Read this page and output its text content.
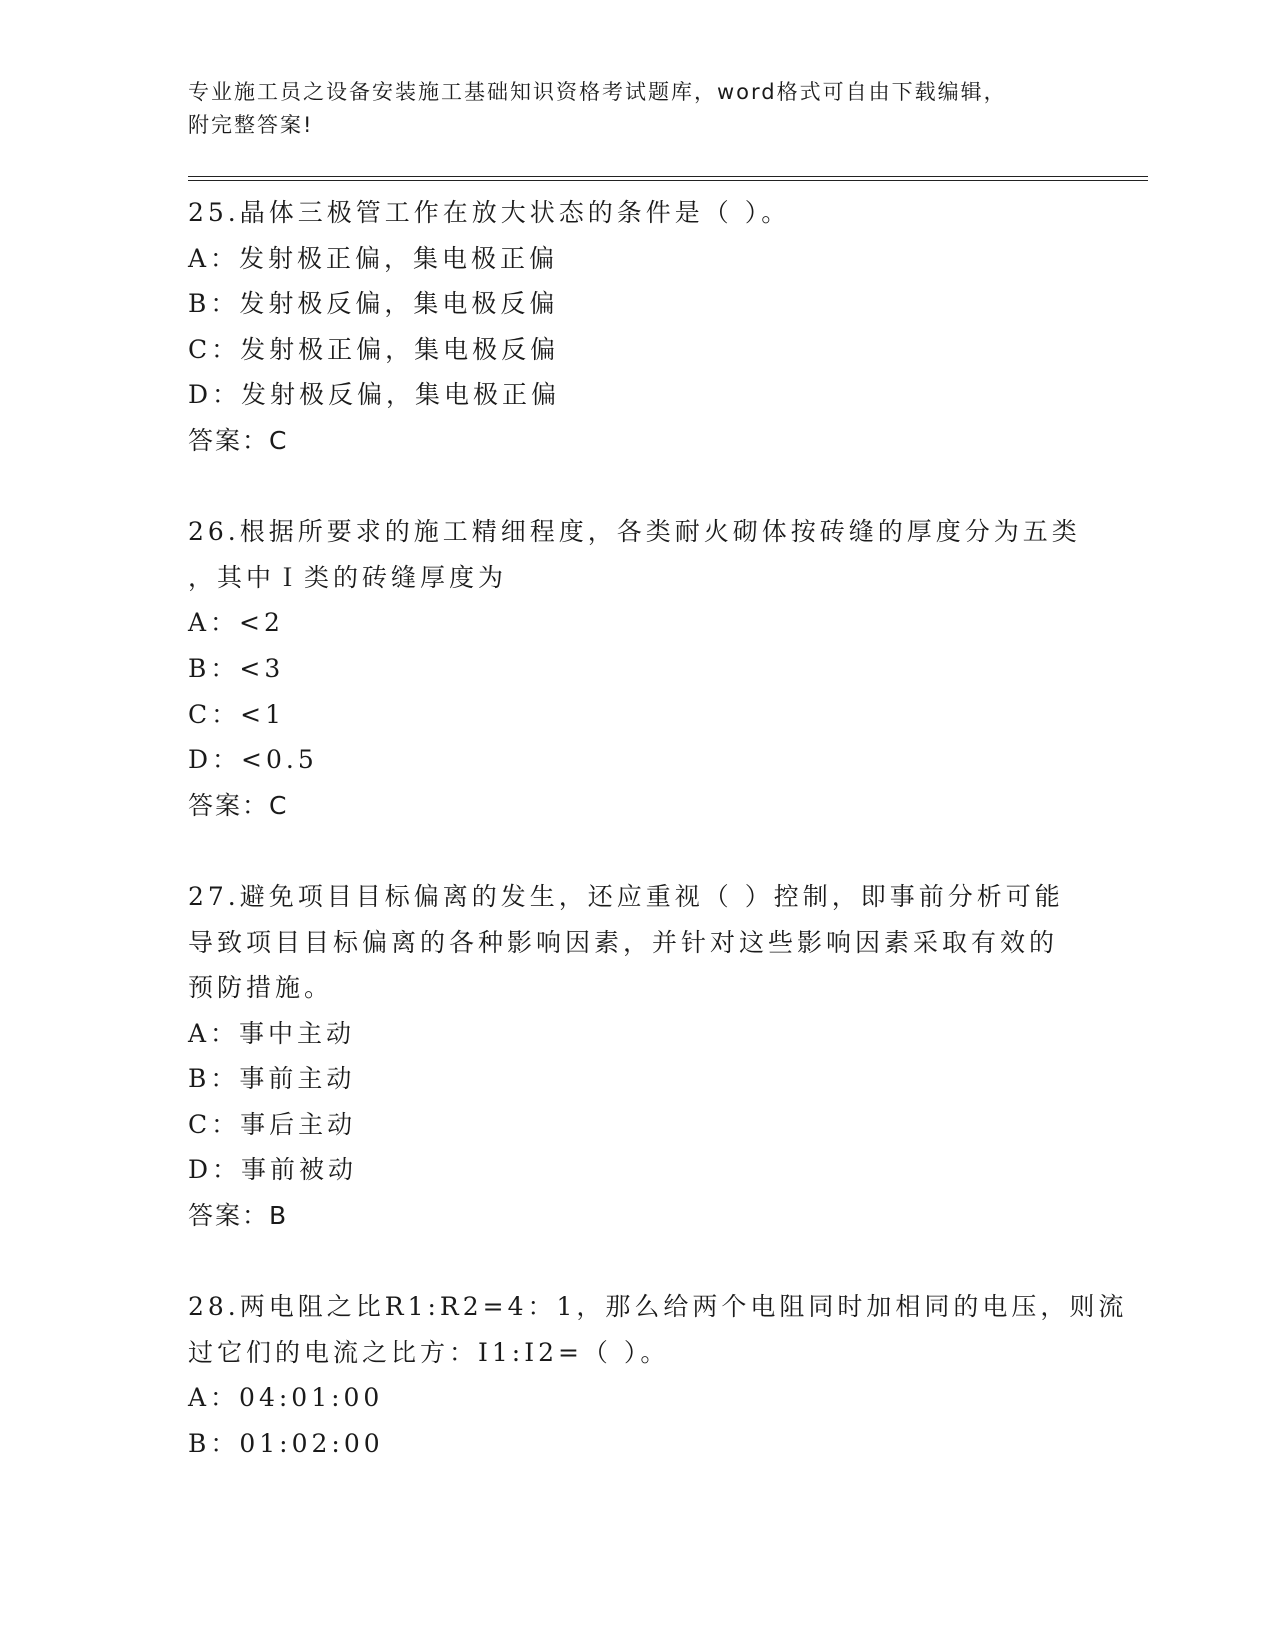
专业施工员之设备安装施工基础知识资格考试题库，word格式可自由下载编辑，
附完整答案!
25.晶体三极管工作在放大状态的条件是（ ）。
A：发射极正偏，集电极正偏
B：发射极反偏，集电极反偏
C：发射极正偏，集电极反偏
D：发射极反偏，集电极正偏
答案：C
26.根据所要求的施工精细程度，各类耐火砌体按砖缝的厚度分为五类
，其中Ｉ类的砖缝厚度为
A：<2
B：<3
C：<1
D：<0.5
答案：C
27.避免项目目标偏离的发生，还应重视（ ）控制，即事前分析可能
导致项目目标偏离的各种影响因素，并针对这些影响因素采取有效的
预防措施。
A：事中主动
B：事前主动
C：事后主动
D：事前被动
答案：B
28.两电阻之比R1:R2=4：1，那么给两个电阻同时加相同的电压，则流
过它们的电流之比方：I1:I2=（ ）。
A：04:01:00
B：01:02:00
